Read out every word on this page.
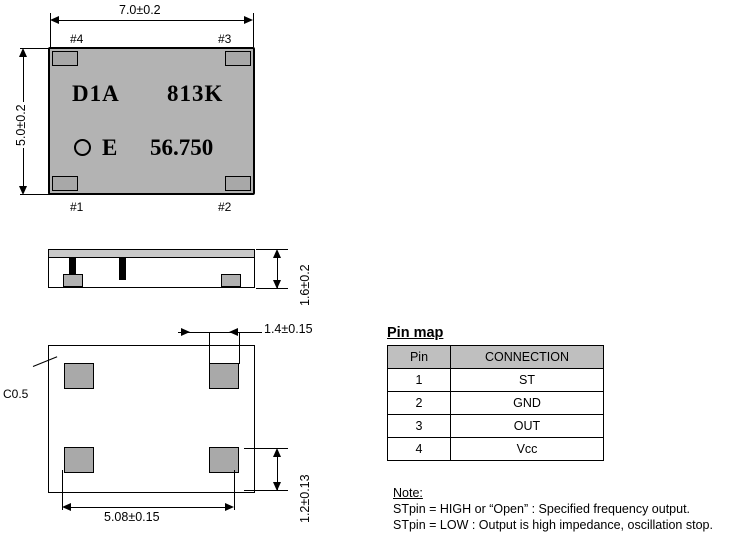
7.0±0.2
5.0±0.2
D1A 813K
E 56.750
#4	#3
#1	#2
1.6±0.2
C0.5
1.4±0.15
5.08±0.15	1.2±0.13
Pin map
Pin	CONNECTION
1	ST
2	GND
3	OUT
4	Vcc
Note:
STpin = HIGH or “Open” : Specified frequency output.
STpin = LOW : Output is high impedance, oscillation stop.
